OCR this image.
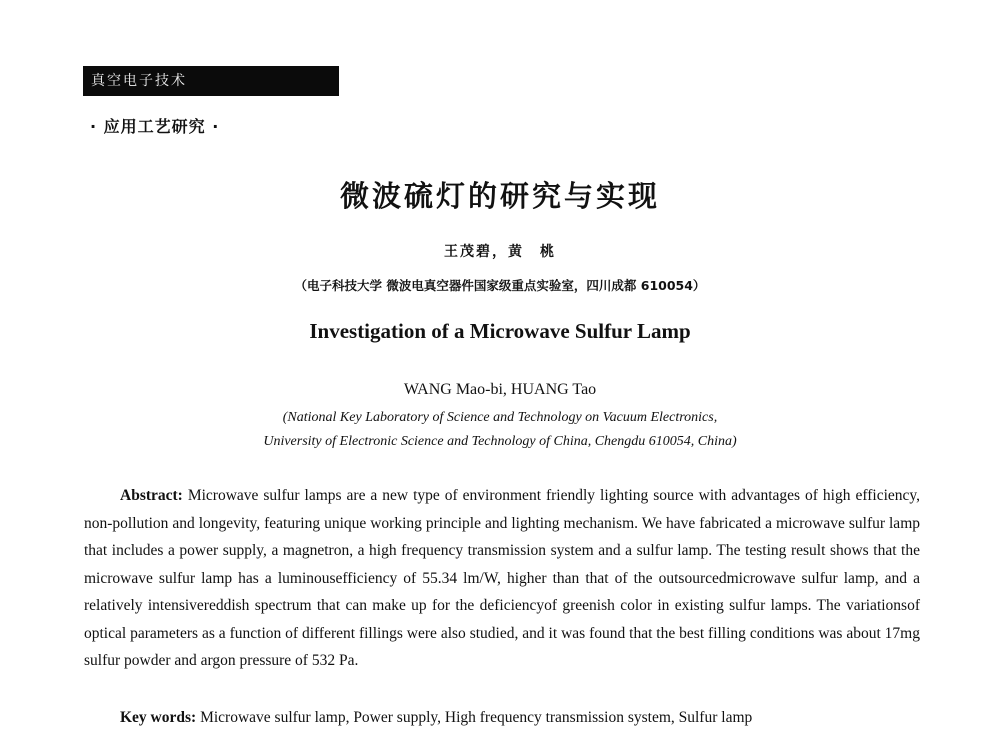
真空电子技术
· 应用工艺研究 ·
微波硫灯的研究与实现
王茂碧，黄　桃
（电子科技大学 微波电真空器件国家级重点实验室，四川成都 610054）
Investigation of a Microwave Sulfur Lamp
WANG Mao-bi, HUANG Tao
(National Key Laboratory of Science and Technology on Vacuum Electronics,
University of Electronic Science and Technology of China, Chengdu 610054, China)

Abstract: Microwave sulfur lamps are a new type of environment friendly lighting source with advantages of high efficiency, non-pollution and longevity, featuring unique working principle and lighting mechanism. We have fabricated a microwave sulfur lamp that includes a power supply, a magnetron, a high frequency transmission system and a sulfur lamp. The testing result shows that the microwave sulfur lamp has a luminousefficiency of 55.34 lm/W, higher than that of the outsourcedmicrowave sulfur lamp, and a relatively intensivereddish spectrum that can make up for the deficiencyof greenish color in existing sulfur lamps. The variationsof optical parameters as a function of different fillings were also studied, and it was found that the best filling conditions was about 17mg sulfur powder and argon pressure of 532 Pa.

Key words: Microwave sulfur lamp, Power supply, High frequency transmission system, Sulfur lamp
